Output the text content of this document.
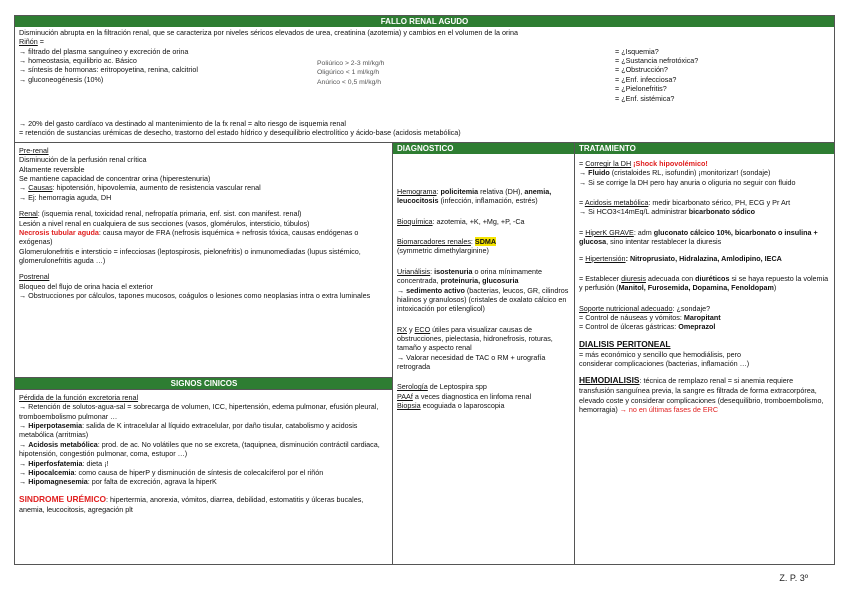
FALLO RENAL AGUDO

Disminución abrupta en la filtración renal, que se caracteriza por niveles séricos elevados de urea, creatinina (azotemia) y cambios en el volumen de la orina

Riñón =

→ filtrado del plasma sanguíneo y excreción de orina

→ homeostasia, equilibrio ac. Básico

→ síntesis de hormonas: eritropoyetina, renina, calcitriol

→ gluconeogénesis (10%)

Poliúrico > 2-3 ml/kg/h

Oligúrico < 1 ml/kg/h

Anúrico < 0,5 ml/kg/h

= ¿Isquemia?

= ¿Sustancia nefrotóxica?

= ¿Obstrucción?

= ¿Enf. infecciosa?

= ¿Pielonefritis?

= ¿Enf. sistémica?

→ 20% del gasto cardíaco va destinado al mantenimiento de la fx renal = alto riesgo de isquemia renal

= retención de sustancias urémicas de desecho, trastorno del estado hídrico y desequilibrio electrolítico y ácido-base (acidosis metabólica)

Pre-renal

Disminución de la perfusión renal crítica

Altamente reversible

Se mantiene capacidad de concentrar orina (hiperestenuria)

→ Causas: hipotensión, hipovolemia, aumento de resistencia vascular renal

→ Ej: hemorragia aguda, DH

Renal: (isquemia renal, toxicidad renal, nefropatía primaria, enf. sist. con manifest. renal)

Lesión a nivel renal en cualquiera de sus secciones (vasos, glomérulos, intersticio, túbulos)

Necrosis tubular aguda: causa mayor de FRA (nefrosis isquémica + nefrosis tóxica, causas endógenas o exógenas)

Glomerulonefritis e intersticio = infecciosas (leptospirosis, pielonefritis) o inmunomediadas (lupus sistémico, glomerulonefritis aguda …)

Postrenal

Bloqueo del flujo de orina hacia el exterior

→ Obstrucciones por cálculos, tapones mucosos, coágulos o lesiones como neoplasias intra o extra luminales

SIGNOS CINICOS

Pérdida de la función excretoria renal

→ Retención de solutos-agua-sal = sobrecarga de volumen, ICC, hipertensión, edema pulmonar, efusión pleural, tromboembolismo pulmonar …

→ Hiperpotasemia: salida de K intracelular al líquido extracelular, por daño tisular, catabolismo y acidosis metabólica (arritmias)

→ Acidosis metabólica: prod. de ac. No volátiles que no se excreta, (taquipnea, disminución contráctil cardiaca, hipotensión, congestión pulmonar, coma, estupor …)

→ Hiperfosfatemia: dieta ¡!

→ Hipocalcemia: como causa de hiperP y disminución de síntesis de colecalciferol por el riñón

→ Hipomagnesemia: por falta de excreción, agrava la hiperK

SINDROME URÉMICO: hipertermia, anorexia, vómitos, diarrea, debilidad, estomatitis y úlceras bucales, anemia, leucocitosis, agregación plt

DIAGNOSTICO

Hemograma: policitemia relativa (DH), anemia, leucocitosis (infección, inflamación, estrés)

Bioquímica: azotemia, +K, +Mg, +P, -Ca

Biomarcadores renales: SDMA

(symmetric dimethylarginine)

Urianálisis: isostenuria o orina mínimamente concentrada, proteinuria, glucosuria

→ sedimento activo (bacterias, leucos, GR, cilindros hialinos y granulosos) (cristales de oxalato cálcico en intoxicación por etilenglicol)

RX y ECO útiles para visualizar causas de obstrucciones, pielectasia, hidronefrosis, roturas, tamaño y aspecto renal

→ Valorar necesidad de TAC o RM + urografía retrograda

Serología de Leptospira spp

PAAf a veces diagnostica en linfoma renal

Biopsia ecoguiada o laparoscopia

TRATAMIENTO

= Corregir la DH ¡Shock hipovolémico!

→ Fluido (cristaloides RL, isofundin) ¡monitorizar! (sondaje)

→ Si se corrige la DH pero hay anuria o oliguria no seguir con fluido

= Acidosis metabólica: medir bicarbonato sérico, PH, ECG y Pr Art

→ Si HCO3<14mEq/L administrar bicarbonato sódico

= HiperK GRAVE: adm gluconato cálcico 10%, bicarbonato o insulina + glucosa, sino intentar restablecer la diuresis

= Hipertensión: Nitroprusiato, Hidralazina, Amlodipino, IECA

= Establecer diuresis adecuada con diuréticos si se haya repuesto la volemia y perfusión (Manitol, Furosemida, Dopamina, Fenoldopam)

Soporte nutricional adecuado: ¿sondaje?

= Control de náuseas y vómitos: Maropitant

= Control de úlceras gástricas: Omeprazol

DIALISIS PERITONEAL

= más económico y sencillo que hemodiálisis, pero

considerar complicaciones (bacterias, inflamación …)

HEMODIALISIS: técnica de remplazo renal = si anemia requiere transfusión sanguínea previa, la sangre es filtrada de forma extracorpórea, elevado coste y considerar complicaciones (desequilibrio, tromboembolismo, hemorragia) → no en últimas fases de ERC

Z. P. 3º
